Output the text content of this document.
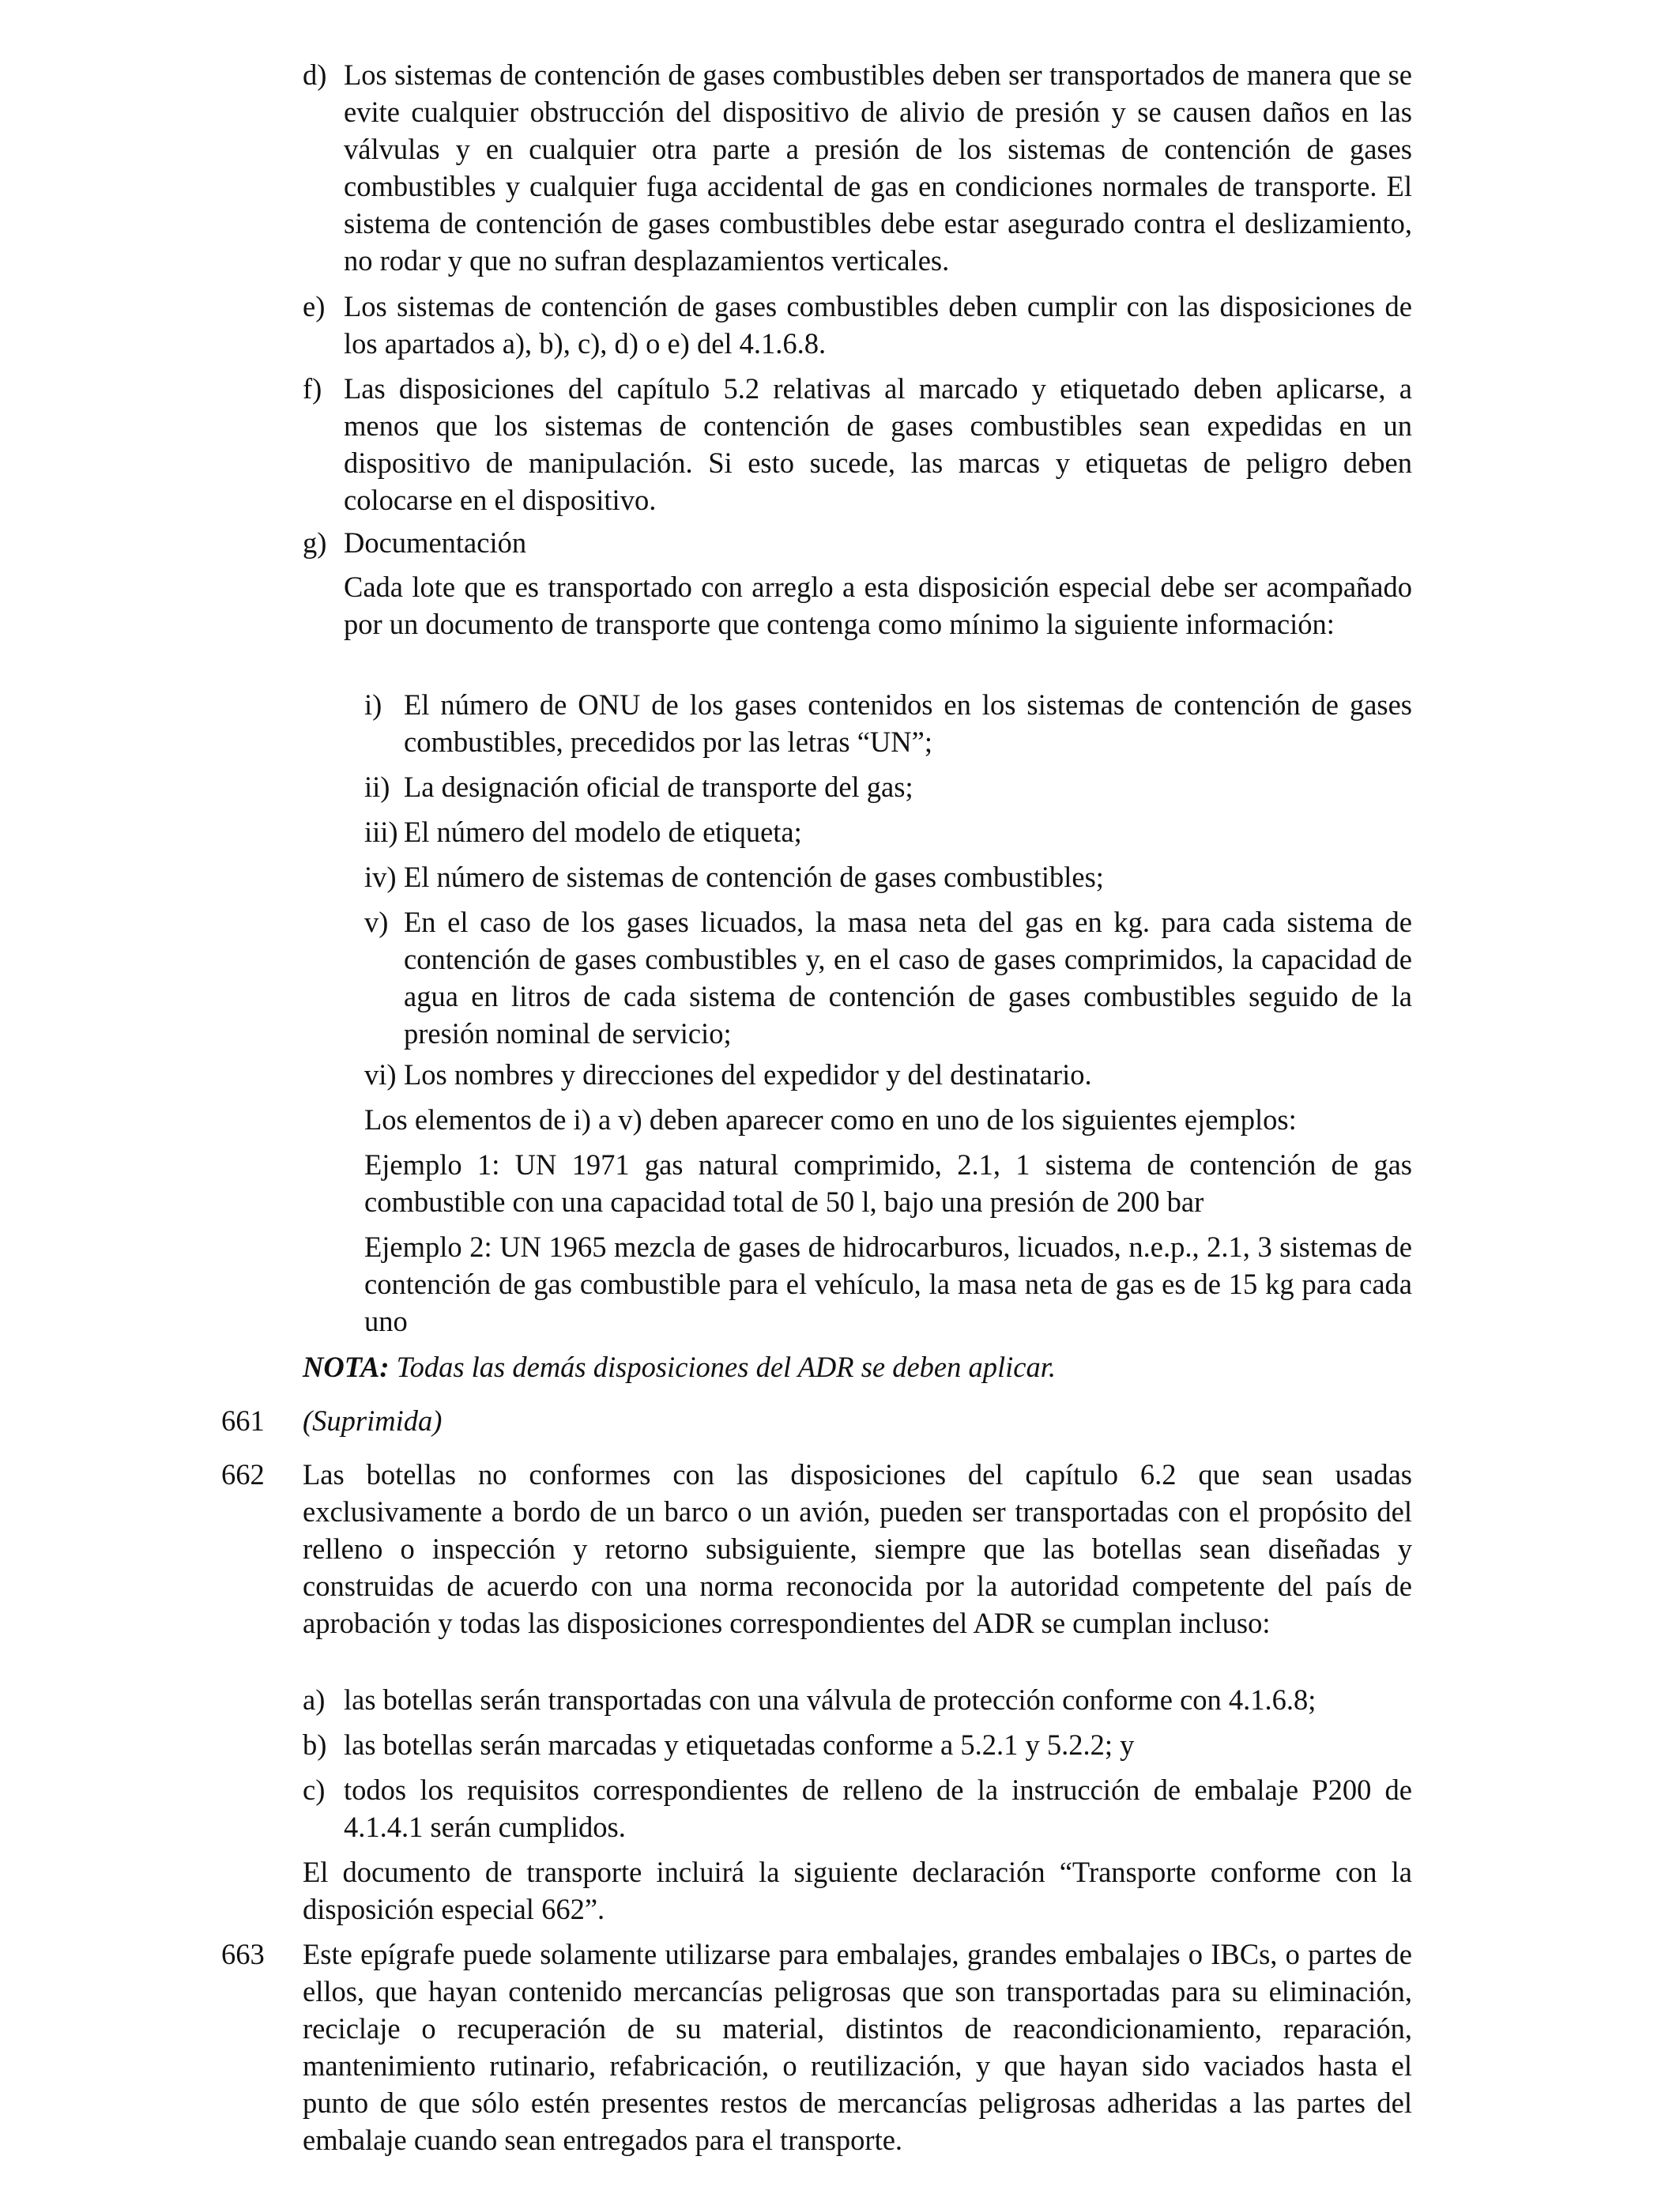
d) Los sistemas de contención de gases combustibles deben ser transportados de manera que se evite cualquier obstrucción del dispositivo de alivio de presión y se causen daños en las válvulas y en cualquier otra parte a presión de los sistemas de contención de gases combustibles y cualquier fuga accidental de gas en condiciones normales de transporte. El sistema de contención de gases combustibles debe estar asegurado contra el deslizamiento, no rodar y que no sufran desplazamientos verticales.
e) Los sistemas de contención de gases combustibles deben cumplir con las disposiciones de los apartados a), b), c), d) o e) del 4.1.6.8.
f) Las disposiciones del capítulo 5.2 relativas al marcado y etiquetado deben aplicarse, a menos que los sistemas de contención de gases combustibles sean expedidas en un dispositivo de manipulación. Si esto sucede, las marcas y etiquetas de peligro deben colocarse en el dispositivo.
g) Documentación
Cada lote que es transportado con arreglo a esta disposición especial debe ser acompañado por un documento de transporte que contenga como mínimo la siguiente información:
i) El número de ONU de los gases contenidos en los sistemas de contención de gases combustibles, precedidos por las letras “UN”;
ii) La designación oficial de transporte del gas;
iii) El número del modelo de etiqueta;
iv) El número de sistemas de contención de gases combustibles;
v) En el caso de los gases licuados, la masa neta del gas en kg. para cada sistema de contención de gases combustibles y, en el caso de gases comprimidos, la capacidad de agua en litros de cada sistema de contención de gases combustibles seguido de la presión nominal de servicio;
vi) Los nombres y direcciones del expedidor y del destinatario.
Los elementos de i) a v) deben aparecer como en uno de los siguientes ejemplos:
Ejemplo 1: UN 1971 gas natural comprimido, 2.1, 1 sistema de contención de gas combustible con una capacidad total de 50 l, bajo una presión de 200 bar
Ejemplo 2: UN 1965 mezcla de gases de hidrocarburos, licuados, n.e.p., 2.1, 3 sistemas de contención de gas combustible para el vehículo, la masa neta de gas es de 15 kg para cada uno
NOTA: Todas las demás disposiciones del ADR se deben aplicar.
661 (Suprimida)
662 Las botellas no conformes con las disposiciones del capítulo 6.2 que sean usadas exclusivamente a bordo de un barco o un avión, pueden ser transportadas con el propósito del relleno o inspección y retorno subsiguiente, siempre que las botellas sean diseñadas y construidas de acuerdo con una norma reconocida por la autoridad competente del país de aprobación y todas las disposiciones correspondientes del ADR se cumplan incluso:
a) las botellas serán transportadas con una válvula de protección conforme con 4.1.6.8;
b) las botellas serán marcadas y etiquetadas conforme a 5.2.1 y 5.2.2; y
c) todos los requisitos correspondientes de relleno de la instrucción de embalaje P200 de 4.1.4.1 serán cumplidos.
El documento de transporte incluirá la siguiente declaración “Transporte conforme con la disposición especial 662”.
663 Este epígrafe puede solamente utilizarse para embalajes, grandes embalajes o IBCs, o partes de ellos, que hayan contenido mercancías peligrosas que son transportadas para su eliminación, reciclaje o recuperación de su material, distintos de reacondicionamiento, reparación, mantenimiento rutinario, refabricación, o reutilización, y que hayan sido vaciados hasta el punto de que sólo estén presentes restos de mercancías peligrosas adheridas a las partes del embalaje cuando sean entregados para el transporte.
